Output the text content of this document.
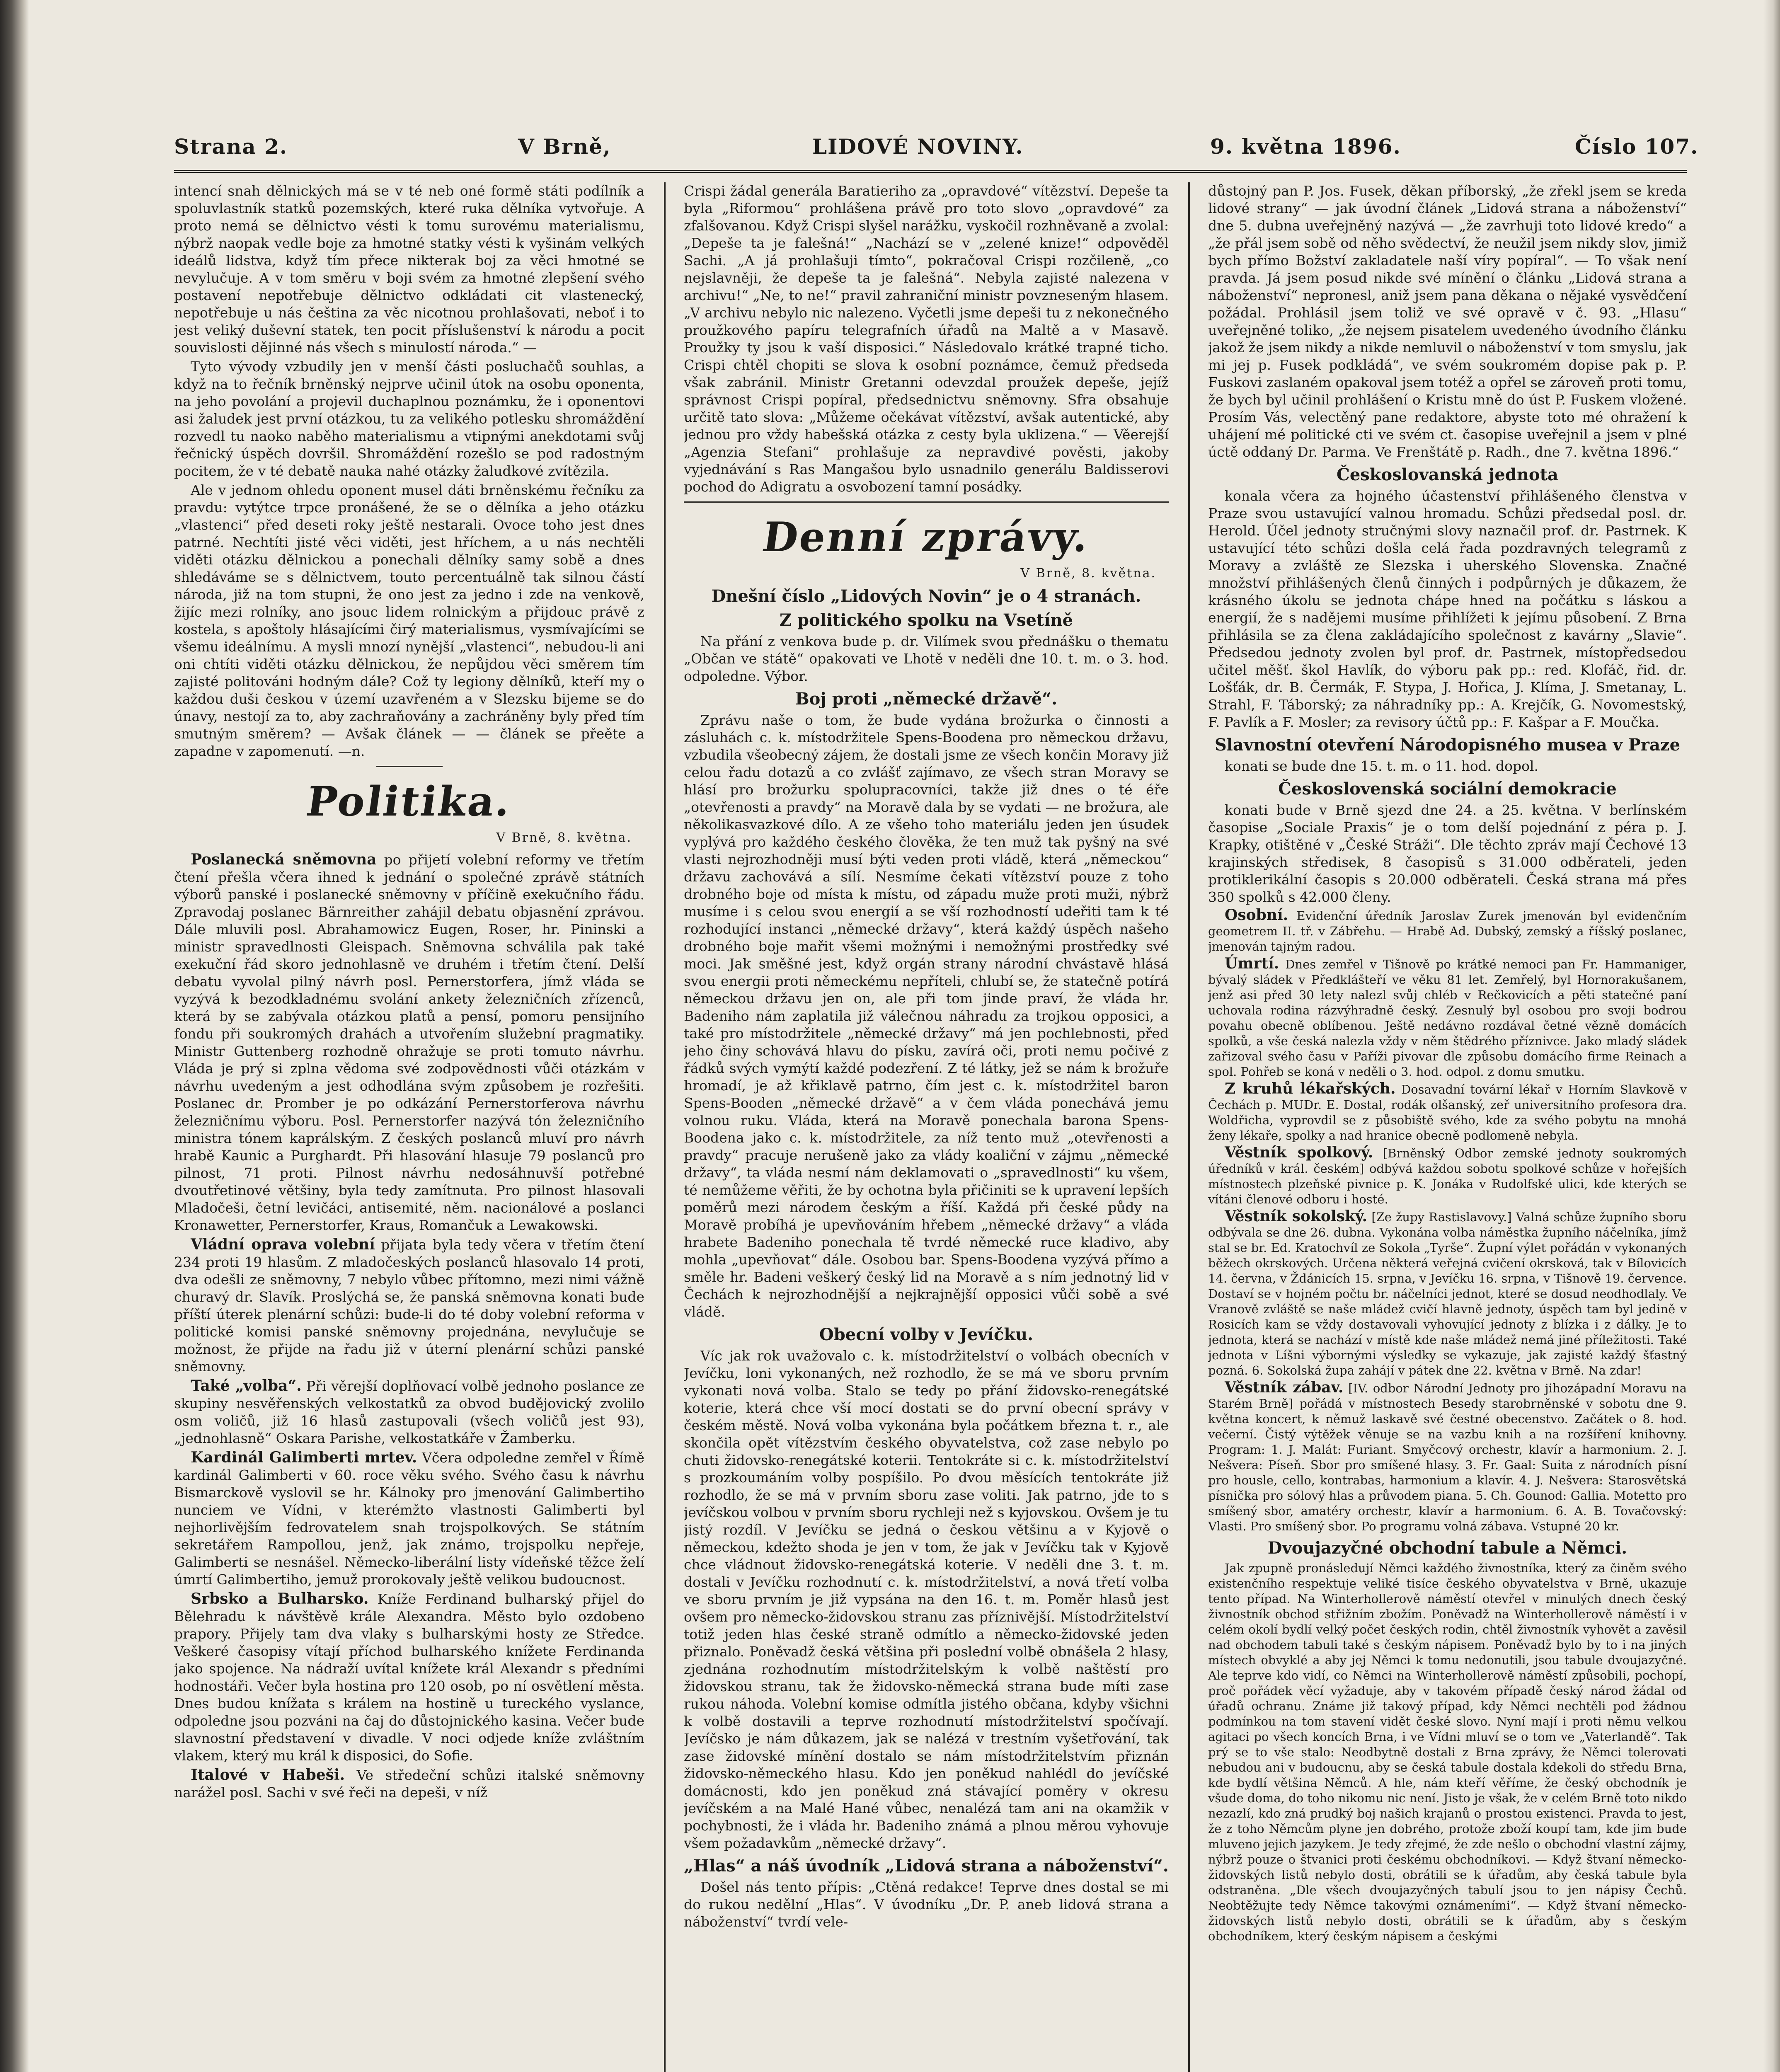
Strana 2.	V Brně,	LIDOVÉ NOVINY.	9. května 1896.	Číslo 107.

intencí snah dělnických má se v té neb oné formě státi podílník a spoluvlastník statků pozemských, které ruka dělníka vytvořuje. A proto nemá se dělnictvo vésti k tomu surovému materialismu, nýbrž naopak vedle boje za hmotné statky vésti k vyšinám velkých ideálů lidstva, když tím přece nikterak boj za věci hmotné se nevylučuje. A v tom směru v boji svém za hmotné zlepšení svého postavení nepotřebuje dělnictvo odkládati cit vlastenecký, nepotřebuje u nás čeština za věc nicotnou prohlašovati, neboť i to jest veliký duševní statek, ten pocit příslušenství k národu a pocit souvislosti dějinné nás všech s minulostí národa.“ —

Tyto vývody vzbudily jen v menší části posluchačů souhlas, a když na to řečník brněnský nejprve učinil útok na osobu oponenta, na jeho povolání a projevil duchaplnou poznámku, že i oponentovi asi žaludek jest první otázkou, tu za velikého potlesku shromáždění rozvedl tu naoko naběho materialismu a vtipnými anekdotami svůj řečnický úspěch dovršil. Shromáždění rozešlo se pod radostným pocitem, že v té debatě nauka nahé otázky žaludkové zvítězila.

Ale v jednom ohledu oponent musel dáti brněnskému řečníku za pravdu: vytýtce trpce pronášené, že se o dělníka a jeho otázku „vlastenci“ před deseti roky ještě nestarali. Ovoce toho jest dnes patrné. Nechtíti jisté věci viděti, jest hříchem, a u nás nechtěli viděti otázku dělnickou a ponechali dělníky samy sobě a dnes shledáváme se s dělnictvem, touto percentuálně tak silnou částí národa, již na tom stupni, že ono jest za jedno i zde na venkově, žijíc mezi rolníky, ano jsouc lidem rolnickým a přijdouc právě z kostela, s apoštoly hlásajícími čirý materialismus, vysmívajícími se všemu ideálnímu. A mysli mnozí nynější „vlastenci“, nebudou-li ani oni chtíti viděti otázku dělnickou, že nepůjdou věci směrem tím zajisté politováni hodným dále? Což ty legiony dělníků, kteří my o každou duši českou v území uzavřeném a v Slezsku bijeme se do únavy, nestojí za to, aby zachraňovány a zachráněny byly před tím smutným směrem? — Avšak článek — — článek se přeěte a zapadne v zapomenutí. —n.

Politika.
V Brně, 8. května.

Poslanecká sněmovna po přijetí volební reformy ve třetím čtení přešla včera ihned k jednání o společné zprávě státních výborů panské i poslanecké sněmovny v příčině exekučního řádu. Zpravodaj poslanec Bärnreither zahájil debatu objasnění zprávou. Dále mluvili posl. Abrahamowicz Eugen, Roser, hr. Pininski a ministr spravedlnosti Gleispach. Sněmovna schválila pak také exekuční řád skoro jednohlasně ve druhém i třetím čtení. Delší debatu vyvolal pilný návrh posl. Pernerstorfera, jímž vláda se vyzývá k bezodkladnému svolání ankety železničních zřízenců, která by se zabývala otázkou platů a pensí, pomoru pensijního fondu při soukromých drahách a utvořením služební pragmatiky. Ministr Guttenberg rozhodně ohražuje se proti tomuto návrhu. Vláda je prý si zplna vědoma své zodpovědnosti vůči otázkám v návrhu uvedeným a jest odhodlána svým způsobem je rozřešiti. Poslanec dr. Promber je po odkázání Pernerstorferova návrhu železničnímu výboru. Posl. Pernerstorfer nazývá tón železničního ministra tónem kaprálským. Z českých poslanců mluví pro návrh hrabě Kaunic a Purghardt. Při hlasování hlasuje 79 poslanců pro pilnost, 71 proti. Pilnost návrhu nedosáhnuvší potřebné dvoutřetinové většiny, byla tedy zamítnuta. Pro pilnost hlasovali Mladočeši, četní levičáci, antisemité, něm. nacionálové a poslanci Kronawetter, Pernerstorfer, Kraus, Romančuk a Lewakowski.

Vládní oprava volební přijata byla tedy včera v třetím čtení 234 proti 19 hlasům. Z mladočeských poslanců hlasovalo 14 proti, dva odešli ze sněmovny, 7 nebylo vůbec přítomno, mezi nimi vážně churavý dr. Slavík. Proslýchá se, že panská sněmovna konati bude příští úterek plenární schůzi: bude-li do té doby volební reforma v politické komisi panské sněmovny projednána, nevylučuje se možnost, že přijde na řadu již v úterní plenární schůzi panské sněmovny.

Také „volba“. Při věrejší doplňovací volbě jednoho poslance ze skupiny nesvěřenských velkostatků za obvod budějovický zvolilo osm voličů, již 16 hlasů zastupovali (všech voličů jest 93), „jednohlasně“ Oskara Parishe, velkostatkáře v Žamberku.

Kardinál Galimberti mrtev. Včera odpoledne zemřel v Římě kardinál Galimberti v 60. roce věku svého. Svého času k návrhu Bismarckově vyslovil se hr. Kálnoky pro jmenování Galimbertiho nunciem ve Vídni, v kterémžto vlastnosti Galimberti byl nejhorlivějším fedrovatelem snah trojspolkových. Se státním sekretářem Rampollou, jenž, jak známo, trojspolku nepřeje, Galimberti se nesnášel. Německo-liberální listy vídeňské těžce želí úmrtí Galimbertiho, jemuž prorokovaly ještě velikou budoucnost.

Srbsko a Bulharsko. Kníže Ferdinand bulharský přijel do Bělehradu k návštěvě krále Alexandra. Město bylo ozdobeno prapory. Přijely tam dva vlaky s bulharskými hosty ze Středce. Veškeré časopisy vítají příchod bulharského knížete Ferdinanda jako spojence. Na nádraží uvítal knížete král Alexandr s předními hodnostáři. Večer byla hostina pro 120 osob, po ní osvětlení města. Dnes budou knížata s králem na hostině u tureckého vyslance, odpoledne jsou pozváni na čaj do důstojnického kasina. Večer bude slavnostní představení v divadle. V noci odjede kníže zvláštním vlakem, který mu král k disposici, do Sofie.

Italové v Habeši. Ve středeční schůzi italské sněmovny narážel posl. Sachi v své řeči na depeši, v níž

Crispi žádal generála Baratieriho za „opravdové“ vítězství. Depeše ta byla „Riformou“ prohlášena právě pro toto slovo „opravdové“ za zfalšovanou. Když Crispi slyšel narážku, vyskočil rozhněvaně a zvolal: „Depeše ta je falešná!“ „Nachází se v „zelené knize!“ odpověděl Sachi. „A já prohlašuji tímto“, pokračoval Crispi rozčileně, „co nejslavněji, že depeše ta je falešná“. Nebyla zajisté nalezena v archivu!“ „Ne, to ne!“ pravil zahraniční ministr povzneseným hlasem. „V archivu nebylo nic nalezeno. Vyčetli jsme depeši tu z nekonečného proužkového papíru telegrafních úřadů na Maltě a v Masavě. Proužky ty jsou k vaší disposici.“ Následovalo krátké trapné ticho. Crispi chtěl chopiti se slova k osobní poznámce, čemuž předseda však zabránil. Ministr Gretanni odevzdal proužek depeše, jejíž správnost Crispi popíral, předsednictvu sněmovny. Sfra obsahuje určitě tato slova: „Můžeme očekávat vítězství, avšak autentické, aby jednou pro vždy habešská otázka z cesty byla uklizena.“ — Věerejší „Agenzia Stefani“ prohlašuje za nepravdivé pověsti, jakoby vyjednávání s Ras Mangašou bylo usnadnilo generálu Baldisserovi pochod do Adigratu a osvobození tamní posádky.

Denní zprávy.
V Brně, 8. května.
Dnešní číslo „Lidových Novin“ je o 4 stranách.
Z politického spolku na Vsetíně

Na přání z venkova bude p. dr. Vilímek svou přednášku o thematu „Občan ve státě“ opakovati ve Lhotě v neděli dne 10. t. m. o 3. hod. odpoledne. Výbor.

Boj proti „německé državě“.

Zprávu naše o tom, že bude vydána brožurka o činnosti a zásluhách c. k. místodržitele Spens-Boodena pro německou državu, vzbudila všeobecný zájem, že dostali jsme ze všech končin Moravy již celou řadu dotazů a co zvlášť zajímavo, ze všech stran Moravy se hlásí pro brožurku spolupracovníci, takže již dnes o té éře „otevřenosti a pravdy“ na Moravě dala by se vydati — ne brožura, ale několikasvazkové dílo. A ze všeho toho materiálu jeden jen úsudek vyplývá pro každého českého člověka, že ten muž tak pyšný na své vlasti nejrozhodněji musí býti veden proti vládě, která „německou“ državu zachovává a sílí. Nesmíme čekati vítězství pouze z toho drobného boje od místa k místu, od západu muže proti muži, nýbrž musíme i s celou svou energií a se vší rozhodností udeřiti tam k té rozhodující instanci „německé državy“, která každý úspěch našeho drobného boje mařit všemi možnými i nemožnými prostředky své moci. Jak směšné jest, když orgán strany národní chvástavě hlásá svou energii proti německému nepříteli, chlubí se, že statečně potírá německou državu jen on, ale při tom jinde praví, že vláda hr. Badeniho nám zaplatila již válečnou náhradu za trojkou opposici, a také pro místodržitele „německé državy“ má jen pochlebnosti, před jeho činy schovává hlavu do písku, zavírá oči, proti nemu počivé z řádků svých vymýtí každé podezření. Z té látky, jež se nám k brožuře hromadí, je až křiklavě patrno, čím jest c. k. místodržitel baron Spens-Booden „německé državě“ a v čem vláda ponechává jemu volnou ruku. Vláda, která na Moravě ponechala barona Spens-Boodena jako c. k. místodržitele, za níž tento muž „otevřenosti a pravdy“ pracuje nerušeně jako za vlády koaliční v zájmu „německé državy“, ta vláda nesmí nám deklamovati o „spravedlnosti“ ku všem, té nemůžeme věřiti, že by ochotna byla přičiniti se k upravení lepších poměrů mezi národem českým a říší. Každá při české půdy na Moravě probíhá je upevňováním hřebem „německé državy“ a vláda hrabete Badeniho ponechala tě tvrdé německé ruce kladivo, aby mohla „upevňovat“ dále. Osobou bar. Spens-Boodena vyzývá přímo a směle hr. Badeni veškerý český lid na Moravě a s ním jednotný lid v Čechách k nejrozhodnější a nejkrajnější opposici vůči sobě a své vládě.

Obecní volby v Jevíčku.

Víc jak rok uvažovalo c. k. místodržitelství o volbách obecních v Jevíčku, loni vykonaných, než rozhodlo, že se má ve sboru prvním vykonati nová volba. Stalo se tedy po přání židovsko-renegátské koterie, která chce vší mocí dostati se do první obecní správy v českém městě. Nová volba vykonána byla počátkem března t. r., ale skončila opět vítězstvím českého obyvatelstva, což zase nebylo po chuti židovsko-renegátské koterii. Tentokráte si c. k. místodržitelství s prozkoumáním volby pospíšilo. Po dvou měsících tentokráte již rozhodlo, že se má v prvním sboru zase voliti. Jak patrno, jde to s jevíčskou volbou v prvním sboru rychleji než s kyjovskou. Ovšem je tu jistý rozdíl. V Jevíčku se jedná o českou většinu a v Kyjově o německou, kdežto shoda je jen v tom, že jak v Jevíčku tak v Kyjově chce vládnout židovsko-renegátská koterie. V neděli dne 3. t. m. dostali v Jevíčku rozhodnutí c. k. místodržitelství, a nová třetí volba ve sboru prvním je již vypsána na den 16. t. m. Poměr hlasů jest ovšem pro německo-židovskou stranu zas příznivější. Místodržitelství totiž jeden hlas české straně odmítlo a německo-židovské jeden přiznalo. Poněvadž česká většina při poslední volbě obnášela 2 hlasy, zjednána rozhodnutím místodržitelským k volbě naštěstí pro židovskou stranu, tak že židovsko-německá strana bude míti zase rukou náhoda. Volební komise odmítla jistého občana, kdyby všichni k volbě dostavili a teprve rozhodnutí místodržitelství spočívají. Jevíčsko je nám důkazem, jak se nalézá v trestním vyšetřování, tak zase židovské mínění dostalo se nám místodržitelstvím přiznán židovsko-německého hlasu. Kdo jen poněkud nahlédl do jevíčské domácnosti, kdo jen poněkud zná stávající poměry v okresu jevíčském a na Malé Hané vůbec, nenalézá tam ani na okamžik v pochybnosti, že i vláda hr. Badeniho známá a plnou měrou vyhovuje všem požadavkům „německé državy“.

„Hlas“ a náš úvodník „Lidová strana a náboženství“.

Došel nás tento přípis: „Ctěná redakce! Teprve dnes dostal se mi do rukou nedělní „Hlas“. V úvodníku „Dr. P. aneb lidová strana a náboženství“ tvrdí vele-

důstojný pan P. Jos. Fusek, děkan příborský, „že zřekl jsem se kreda lidové strany“ — jak úvodní článek „Lidová strana a náboženství“ dne 5. dubna uveřejněný nazývá — „že zavrhuji toto lidové kredo“ a „že přál jsem sobě od něho svědectví, že neužil jsem nikdy slov, jimiž bych přímo Božství zakladatele naší víry popíral“. — To však není pravda. Já jsem posud nikde své mínění o článku „Lidová strana a náboženství“ nepronesl, aniž jsem pana děkana o nějaké vysvědčení požádal. Prohlásil jsem toliž ve své opravě v č. 93. „Hlasu“ uveřejněné toliko, „že nejsem pisatelem uvedeného úvodního článku jakož že jsem nikdy a nikde nemluvil o náboženství v tom smyslu, jak mi jej p. Fusek podkládá“, ve svém soukromém dopise pak p. P. Fuskovi zaslaném opakoval jsem totéž a opřel se zároveň proti tomu, že bych byl učinil prohlášení o Kristu mně do úst P. Fuskem vložené. Prosím Vás, velectěný pane redaktore, abyste toto mé ohražení k uhájení mé politické cti ve svém ct. časopise uveřejnil a jsem v plné úctě oddaný Dr. Parma. Ve Frenštátě p. Radh., dne 7. května 1896.“

Českoslovanská jednota

konala včera za hojného účastenství přihlášeného členstva v Praze svou ustavující valnou hromadu. Schůzi předsedal posl. dr. Herold. Účel jednoty stručnými slovy naznačil prof. dr. Pastrnek. K ustavující této schůzi došla celá řada pozdravných telegramů z Moravy a zvláště ze Slezska i uherského Slovenska. Značné množství přihlášených členů činných i podpůrných je důkazem, že krásného úkolu se jednota chápe hned na počátku s láskou a energií, že s nadějemi musíme přihlížeti k jejímu působení. Z Brna přihlásila se za člena zakládajícího společnost z kavárny „Slavie“. Předsedou jednoty zvolen byl prof. dr. Pastrnek, místopředsedou učitel měšť. škol Havlík, do výboru pak pp.: red. Klofáč, řid. dr. Lošťák, dr. B. Čermák, F. Stypa, J. Hořica, J. Klíma, J. Smetanay, L. Strahl, F. Táborský; za náhradníky pp.: A. Krejčík, G. Novomestský, F. Pavlík a F. Mosler; za revisory účtů pp.: F. Kašpar a F. Moučka.

Slavnostní otevření Národopisného musea v Praze

konati se bude dne 15. t. m. o 11. hod. dopol.

Československá sociální demokracie

konati bude v Brně sjezd dne 24. a 25. května. V berlínském časopise „Sociale Praxis“ je o tom delší pojednání z péra p. J. Krapky, otištěné v „České Stráži“. Dle těchto zpráv mají Čechové 13 krajinských středisek, 8 časopisů s 31.000 odběrateli, jeden protiklerikální časopis s 20.000 odběrateli. Česká strana má přes 350 spolků s 42.000 členy.

Osobní. Evidenční úředník Jaroslav Zurek jmenován byl evidenčním geometrem II. tř. v Zábřehu. — Hrabě Ad. Dubský, zemský a říšský poslanec, jmenován tajným radou.

Úmrtí. Dnes zemřel v Tišnově po krátké nemoci pan Fr. Hammaniger, bývalý sládek v Předklášteří ve věku 81 let. Zemřelý, byl Hornorakušanem, jenž asi před 30 lety nalezl svůj chléb v Rečkovicích a pěti statečné paní uchovala rodina rázvýhradně český. Zesnulý byl osobou pro svoji bodrou povahu obecně oblíbenou. Ještě nedávno rozdával četné vězně domácích spolků, a vše česká nalezla vždy v něm štědrého příznivce. Jako mladý sládek zařizoval svého času v Paříži pivovar dle způsobu domácího firme Reinach a spol. Pohřeb se koná v neděli o 3. hod. odpol. z domu smutku.

Z kruhů lékařských. Dosavadní tovární lékař v Horním Slavkově v Čechách p. MUDr. E. Dostal, rodák olšanský, zeř universitního profesora dra. Woldřicha, vyprovdil se z působiště svého, kde za svého pobytu na mnohá ženy lékaře, spolky a nad hranice obecně podlomeně nebyla.

Věstník spolkový. [Brněnský Odbor zemské jednoty soukromých úředníků v král. českém] odbývá každou sobotu spolkové schůze v hořejších místnostech plzeňské pivnice p. K. Jonáka v Rudolfské ulici, kde kterých se vítáni členové odboru i hosté.

Věstník sokolský. [Ze župy Rastislavovy.] Valná schůze župního sboru odbývala se dne 26. dubna. Vykonána volba náměstka župního náčelníka, jímž stal se br. Ed. Kratochvíl ze Sokola „Tyrše“. Župní výlet pořádán v vykonaných běžech okrskových. Určena některá veřejná cvičení okrsková, tak v Bílovicích 14. června, v Ždánicích 15. srpna, v Jevíčku 16. srpna, v Tišnově 19. července. Dostaví se v hojném počtu br. náčelníci jednot, které se dosud neodhodlaly. Ve Vranově zvláště se naše mládež cvičí hlavně jednoty, úspěch tam byl jedině v Rosicích kam se vždy dostavovali vyhovující jednoty z blízka i z dálky. Je to jednota, která se nachází v místě kde naše mládež nemá jiné příležitosti. Také jednota v Líšni výbornými výsledky se vykazuje, jak zajisté každý šťastný pozná. 6. Sokolská župa zahájí v pátek dne 22. května v Brně. Na zdar!

Věstník zábav. [IV. odbor Národní Jednoty pro jihozápadní Moravu na Starém Brně] pořádá v místnostech Besedy starobrněnské v sobotu dne 9. května koncert, k němuž laskavě své čestné obecenstvo. Začátek o 8. hod. večerní. Čistý výtěžek věnuje se na vazbu knih a na rozšíření knihovny. Program: 1. J. Malát: Furiant. Smyčcový orchestr, klavír a harmonium. 2. J. Nešvera: Píseň. Sbor pro smíšené hlasy. 3. Fr. Gaal: Suita z národních písní pro housle, cello, kontrabas, harmonium a klavír. 4. J. Nešvera: Starosvětská písnička pro sólový hlas a průvodem piana. 5. Ch. Gounod: Gallia. Motetto pro smíšený sbor, amatéry orchestr, klavír a harmonium. 6. A. B. Tovačovský: Vlasti. Pro smíšený sbor. Po programu volná zábava. Vstupné 20 kr.

Dvoujazyčné obchodní tabule a Němci.

Jak zpupně pronásledují Němci každého živnostníka, který za činěm svého existenčního respektuje veliké tisíce českého obyvatelstva v Brně, ukazuje tento případ. Na Winterhollerově náměstí otevřel v minulých dnech český živnostník obchod střižním zbožím. Poněvadž na Winterhollerově náměstí i v celém okolí bydlí velký počet českých rodin, chtěl živnostník vyhovět a zavěsil nad obchodem tabuli také s českým nápisem. Poněvadž bylo by to i na jiných místech obvyklé a aby jej Němci k tomu nedonutili, jsou tabule dvoujazyčné. Ale teprve kdo vidí, co Němci na Winterhollerově náměstí způsobili, pochopí, proč pořádek věcí vyžaduje, aby v takovém případě český národ žádal od úřadů ochranu. Známe již takový případ, kdy Němci nechtěli pod žádnou podmínkou na tom stavení vidět české slovo. Nyní mají i proti němu velkou agitaci po všech koncích Brna, i ve Vídni mluví se o tom ve „Vaterlandě“. Tak prý se to vše stalo: Neodbytně dostali z Brna zprávy, že Němci tolerovati nebudou ani v budoucnu, aby se česká tabule dostala kdekoli do středu Brna, kde bydlí většina Němců. A hle, nám kteří věříme, že český obchodník je všude doma, do toho nikomu nic není. Jisto je však, že v celém Brně toto nikdo nezazlí, kdo zná prudký boj našich krajanů o prostou existenci. Pravda to jest, že z toho Němcům plyne jen dobrého, protože zboží koupí tam, kde jim bude mluveno jejich jazykem. Je tedy zřejmé, že zde nešlo o obchodní vlastní zájmy, nýbrž pouze o štvanici proti českému obchodníkovi. — Když štvaní německo-židovských listů nebylo dosti, obrátili se k úřadům, aby česká tabule byla odstraněna. „Dle všech dvoujazyčných tabulí jsou to jen nápisy Čechů. Neobtěžujte tedy Němce takovými oznámeními“. — Když štvaní německo-židovských listů nebylo dosti, obrátili se k úřadům, aby s českým obchodníkem, který českým nápisem a českými
